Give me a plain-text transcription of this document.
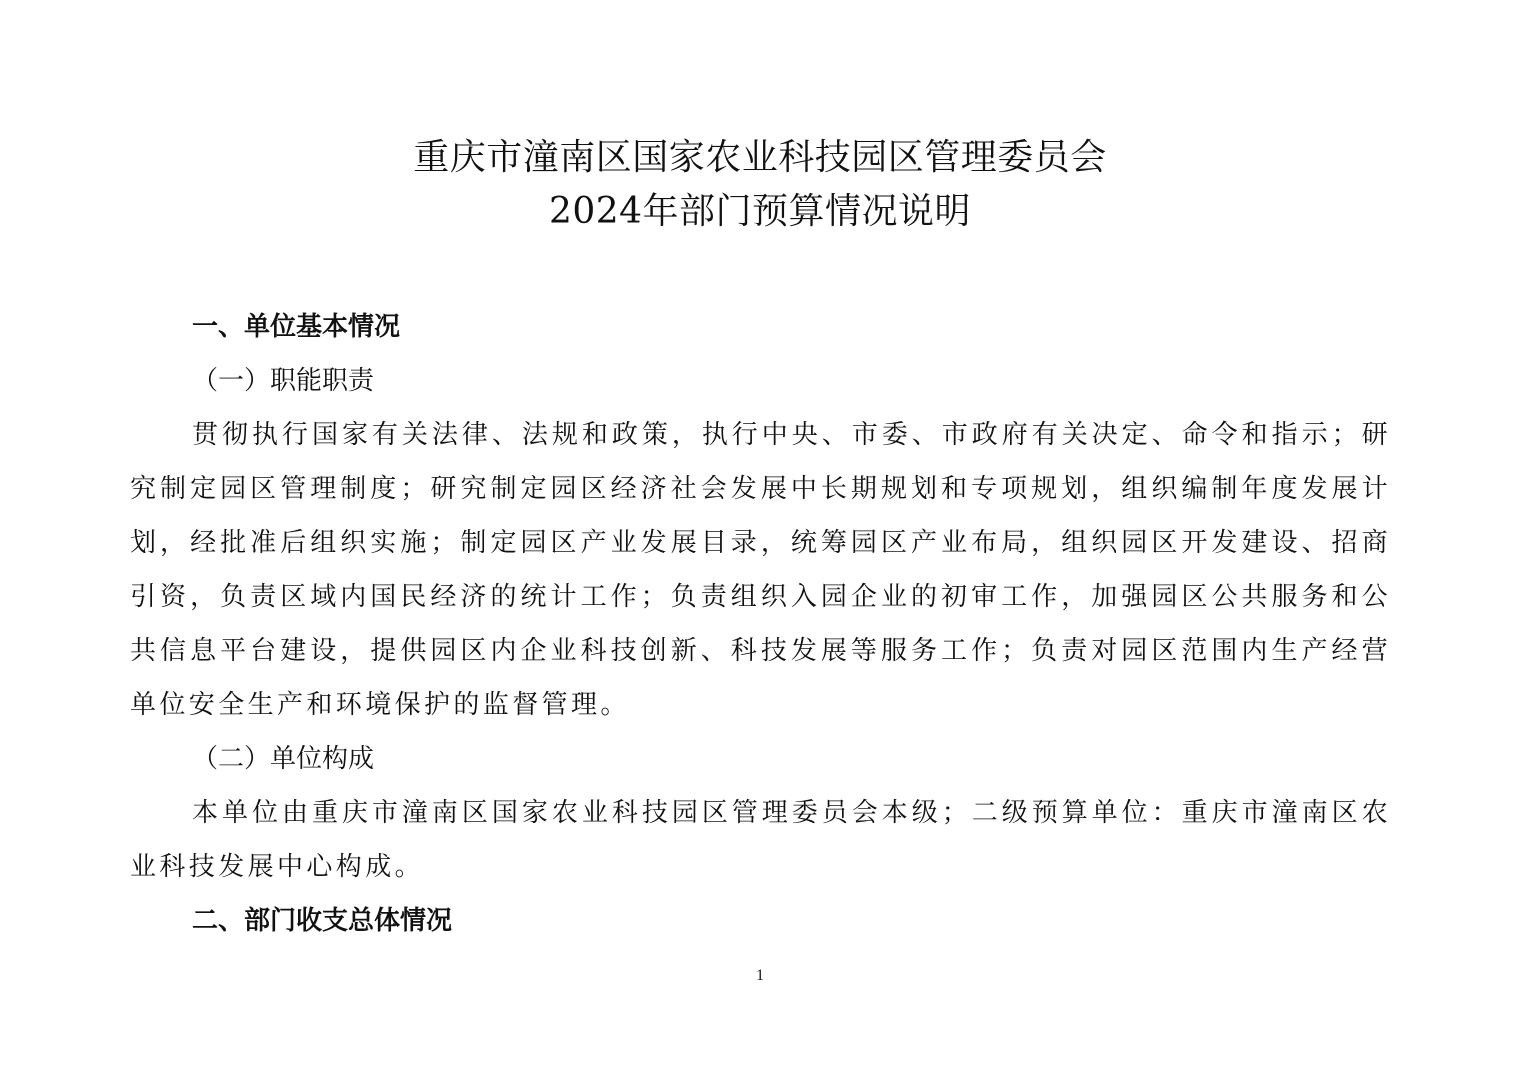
重庆市潼南区国家农业科技园区管理委员会
2024年部门预算情况说明

一、单位基本情况

（一）职能职责

贯彻执行国家有关法律、法规和政策，执行中央、市委、市政府有关决定、命令和指示；研究制定园区管理制度；研究制定园区经济社会发展中长期规划和专项规划，组织编制年度发展计划，经批准后组织实施；制定园区产业发展目录，统筹园区产业布局，组织园区开发建设、招商引资，负责区域内国民经济的统计工作；负责组织入园企业的初审工作，加强园区公共服务和公共信息平台建设，提供园区内企业科技创新、科技发展等服务工作；负责对园区范围内生产经营单位安全生产和环境保护的监督管理。

（二）单位构成

本单位由重庆市潼南区国家农业科技园区管理委员会本级；二级预算单位：重庆市潼南区农业科技发展中心构成。

二、部门收支总体情况

1
